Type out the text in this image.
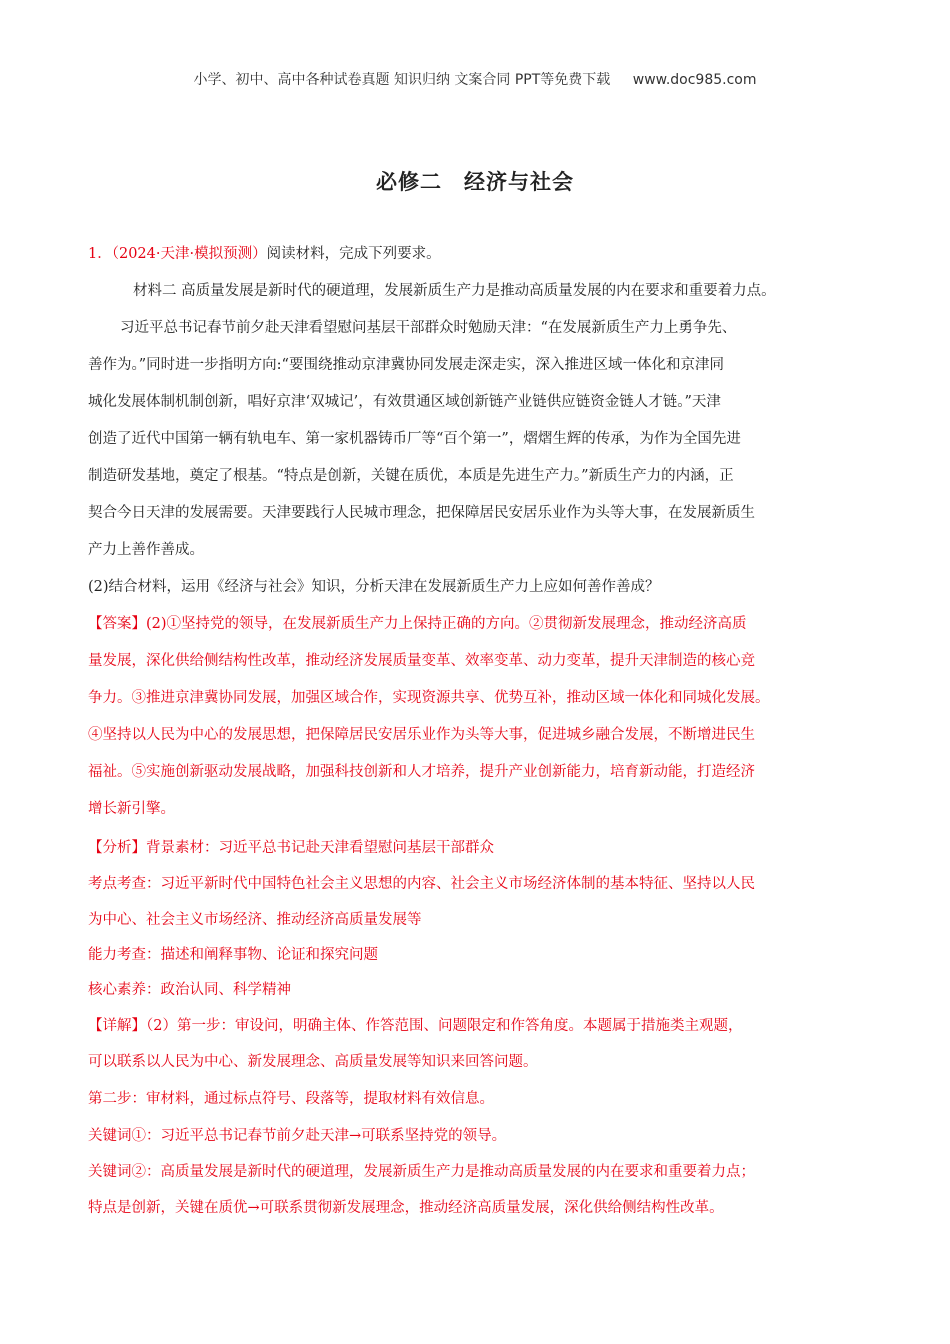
小学、初中、高中各种试卷真题 知识归纳 文案合同 PPT等免费下载 www.doc985.com
必修二　经济与社会
1．（2024·天津·模拟预测）阅读材料，完成下列要求。
材料二 高质量发展是新时代的硬道理，发展新质生产力是推动高质量发展的内在要求和重要着力点。
习近平总书记春节前夕赴天津看望慰问基层干部群众时勉励天津：“在发展新质生产力上勇争先、
善作为。”同时进一步指明方向:“要围绕推动京津冀协同发展走深走实，深入推进区域一体化和京津同
城化发展体制机制创新，唱好京津‘双城记’，有效贯通区域创新链产业链供应链资金链人才链。”天津
创造了近代中国第一辆有轨电车、第一家机器铸币厂等“百个第一”，熠熠生辉的传承，为作为全国先进
制造研发基地，奠定了根基。“特点是创新，关键在质优，本质是先进生产力。”新质生产力的内涵，正
契合今日天津的发展需要。天津要践行人民城市理念，把保障居民安居乐业作为头等大事，在发展新质生
产力上善作善成。
(2)结合材料，运用《经济与社会》知识，分析天津在发展新质生产力上应如何善作善成？
【答案】(2)①坚持党的领导，在发展新质生产力上保持正确的方向。②贯彻新发展理念，推动经济高质
量发展，深化供给侧结构性改革，推动经济发展质量变革、效率变革、动力变革，提升天津制造的核心竞
争力。③推进京津冀协同发展，加强区域合作，实现资源共享、优势互补，推动区域一体化和同城化发展。
④坚持以人民为中心的发展思想，把保障居民安居乐业作为头等大事，促进城乡融合发展，不断增进民生
福祉。⑤实施创新驱动发展战略，加强科技创新和人才培养，提升产业创新能力，培育新动能，打造经济
增长新引擎。
【分析】背景素材：习近平总书记赴天津看望慰问基层干部群众
考点考查：习近平新时代中国特色社会主义思想的内容、社会主义市场经济体制的基本特征、坚持以人民
为中心、社会主义市场经济、推动经济高质量发展等
能力考查：描述和阐释事物、论证和探究问题
核心素养：政治认同、科学精神
【详解】（2）第一步：审设问，明确主体、作答范围、问题限定和作答角度。本题属于措施类主观题，
可以联系以人民为中心、新发展理念、高质量发展等知识来回答问题。
第二步：审材料，通过标点符号、段落等，提取材料有效信息。
关键词①：习近平总书记春节前夕赴天津→可联系坚持党的领导。
关键词②：高质量发展是新时代的硬道理，发展新质生产力是推动高质量发展的内在要求和重要着力点；
特点是创新，关键在质优→可联系贯彻新发展理念，推动经济高质量发展，深化供给侧结构性改革。
